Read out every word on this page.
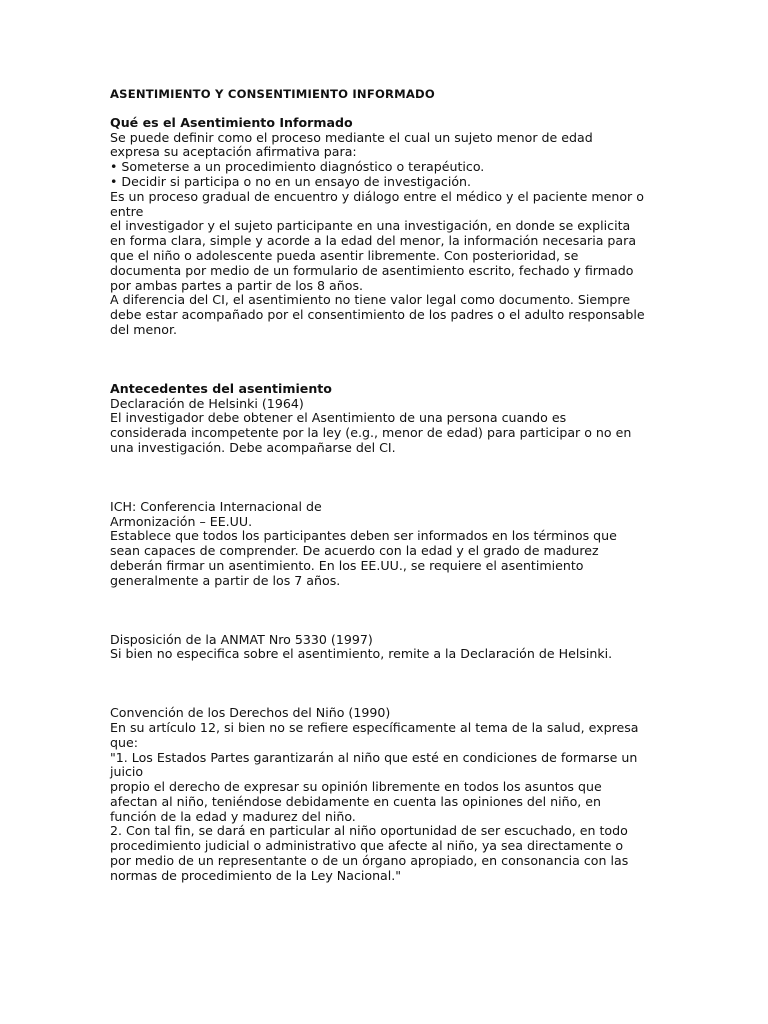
ASENTIMIENTO Y CONSENTIMIENTO INFORMADO
Qué es el Asentimiento Informado
Se puede definir como el proceso mediante el cual un sujeto menor de edad
expresa su aceptación afirmativa para:
• Someterse a un procedimiento diagnóstico o terapéutico.
• Decidir si participa o no en un ensayo de investigación.
Es un proceso gradual de encuentro y diálogo entre el médico y el paciente menor o
entre
el investigador y el sujeto participante en una investigación, en donde se explicita
en forma clara, simple y acorde a la edad del menor, la información necesaria para
que el niño o adolescente pueda asentir libremente. Con posterioridad, se
documenta por medio de un formulario de asentimiento escrito, fechado y firmado
por ambas partes a partir de los 8 años.
A diferencia del CI, el asentimiento no tiene valor legal como documento. Siempre
debe estar acompañado por el consentimiento de los padres o el adulto responsable
del menor.
Antecedentes del asentimiento
Declaración de Helsinki (1964)
El investigador debe obtener el Asentimiento de una persona cuando es
considerada incompetente por la ley (e.g., menor de edad) para participar o no en
una investigación. Debe acompañarse del CI.
ICH: Conferencia Internacional de
Armonización – EE.UU.
Establece que todos los participantes deben ser informados en los términos que
sean capaces de comprender. De acuerdo con la edad y el grado de madurez
deberán firmar un asentimiento. En los EE.UU., se requiere el asentimiento
generalmente a partir de los 7 años.
Disposición de la ANMAT Nro 5330 (1997)
Si bien no especifica sobre el asentimiento, remite a la Declaración de Helsinki.
Convención de los Derechos del Niño (1990)
En su artículo 12, si bien no se refiere específicamente al tema de la salud, expresa
que:
"1. Los Estados Partes garantizarán al niño que esté en condiciones de formarse un
juicio
propio el derecho de expresar su opinión libremente en todos los asuntos que
afectan al niño, teniéndose debidamente en cuenta las opiniones del niño, en
función de la edad y madurez del niño.
2. Con tal fin, se dará en particular al niño oportunidad de ser escuchado, en todo
procedimiento judicial o administrativo que afecte al niño, ya sea directamente o
por medio de un representante o de un órgano apropiado, en consonancia con las
normas de procedimiento de la Ley Nacional."
